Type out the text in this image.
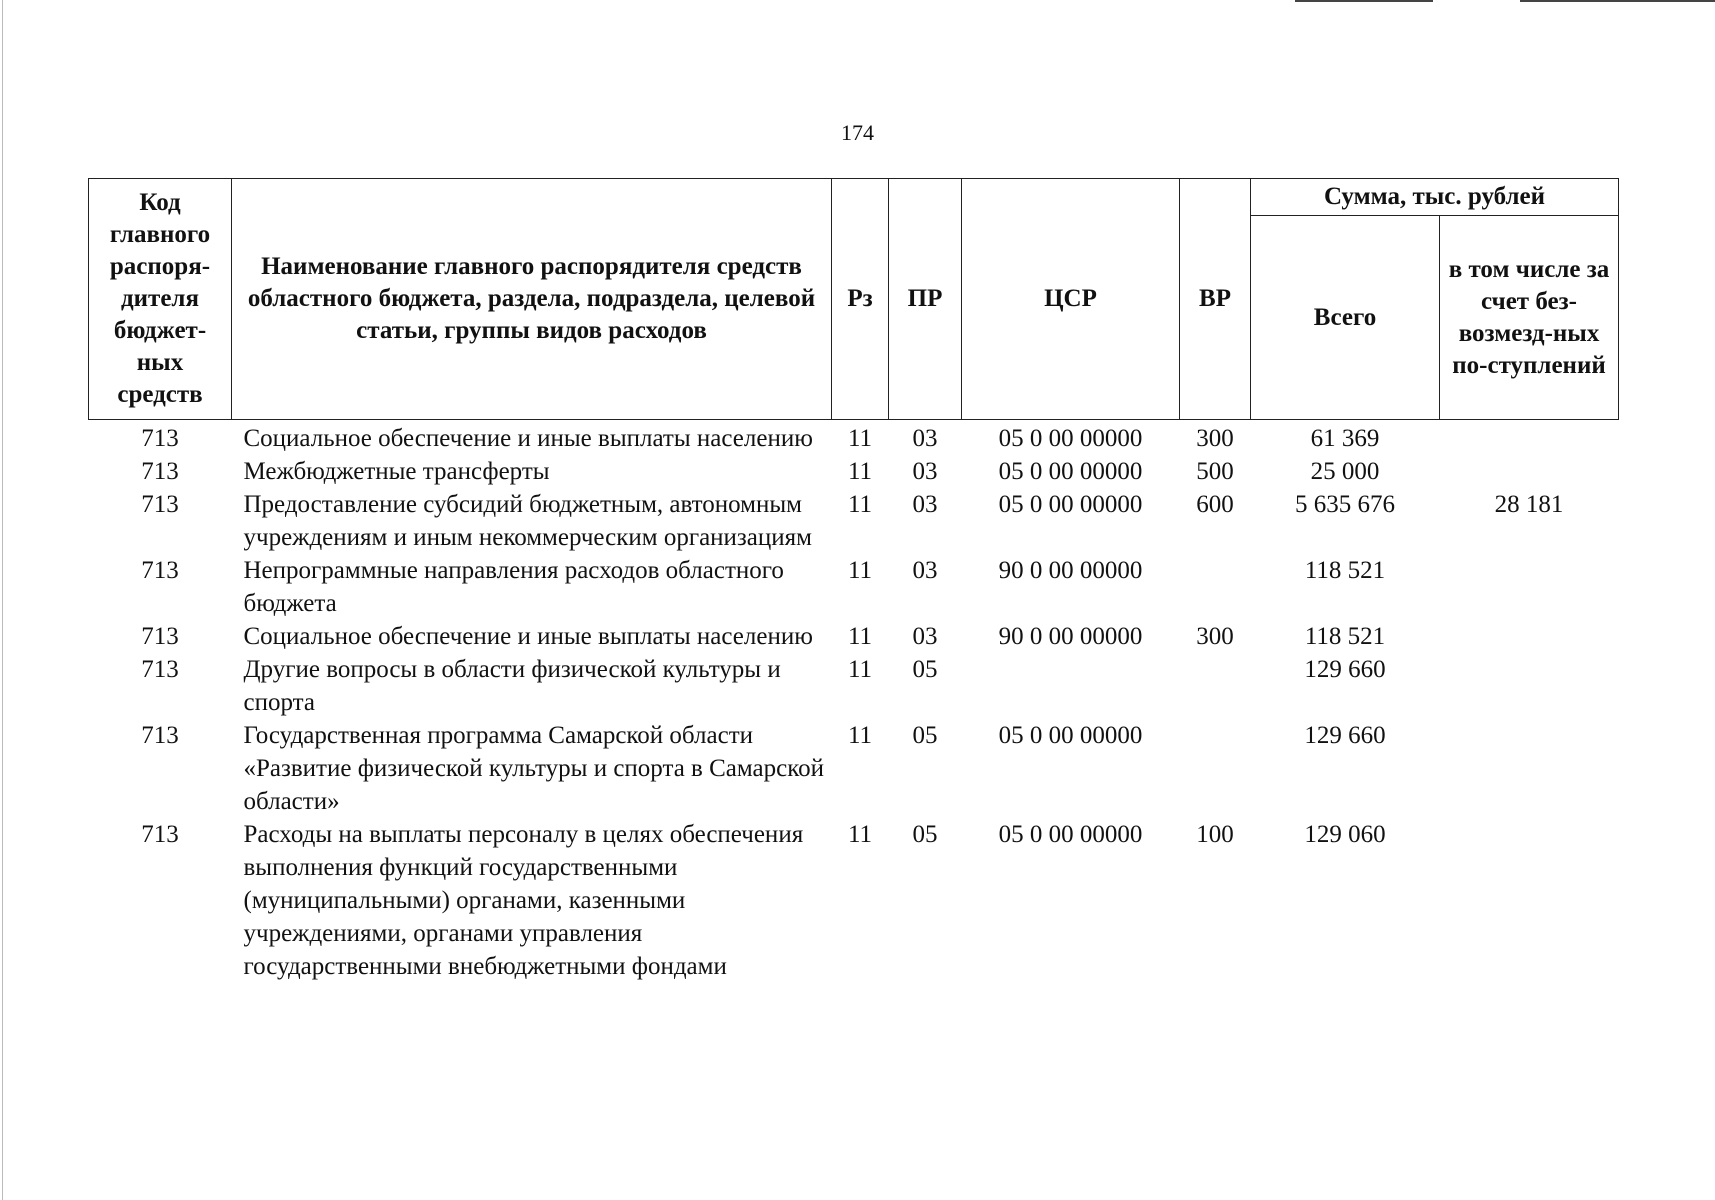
174
Код главного распоря-дителя бюджет-ных средств	Наименование главного распорядителя средств областного бюджета, раздела, подраздела, целевой статьи, группы видов расходов	Рз	ПР	ЦСР	ВР	Сумма, тыс. рублей	
						Всего	в том числе за счет без-возмезд-ных по-ступлений
713	Социальное обеспечение и иные выплаты населению	11	03	05 0 00 00000	300	61 369	
713	Межбюджетные трансферты	11	03	05 0 00 00000	500	25 000	
713	Предоставление субсидий бюджетным, автономным учреждениям и иным некоммерческим организациям	11	03	05 0 00 00000	600	5 635 676	28 181
713	Непрограммные направления расходов областного бюджета	11	03	90 0 00 00000		118 521	
713	Социальное обеспечение и иные выплаты населению	11	03	90 0 00 00000	300	118 521	
713	Другие вопросы в области физической культуры и спорта	11	05			129 660	
713	Государственная программа Самарской области «Развитие физической культуры и спорта в Самарской области»	11	05	05 0 00 00000		129 660	
713	Расходы на выплаты персоналу в целях обеспечения выполнения функций государственными (муниципальными) органами, казенными учреждениями, органами управления государственными внебюджетными фондами	11	05	05 0 00 00000	100	129 060	
